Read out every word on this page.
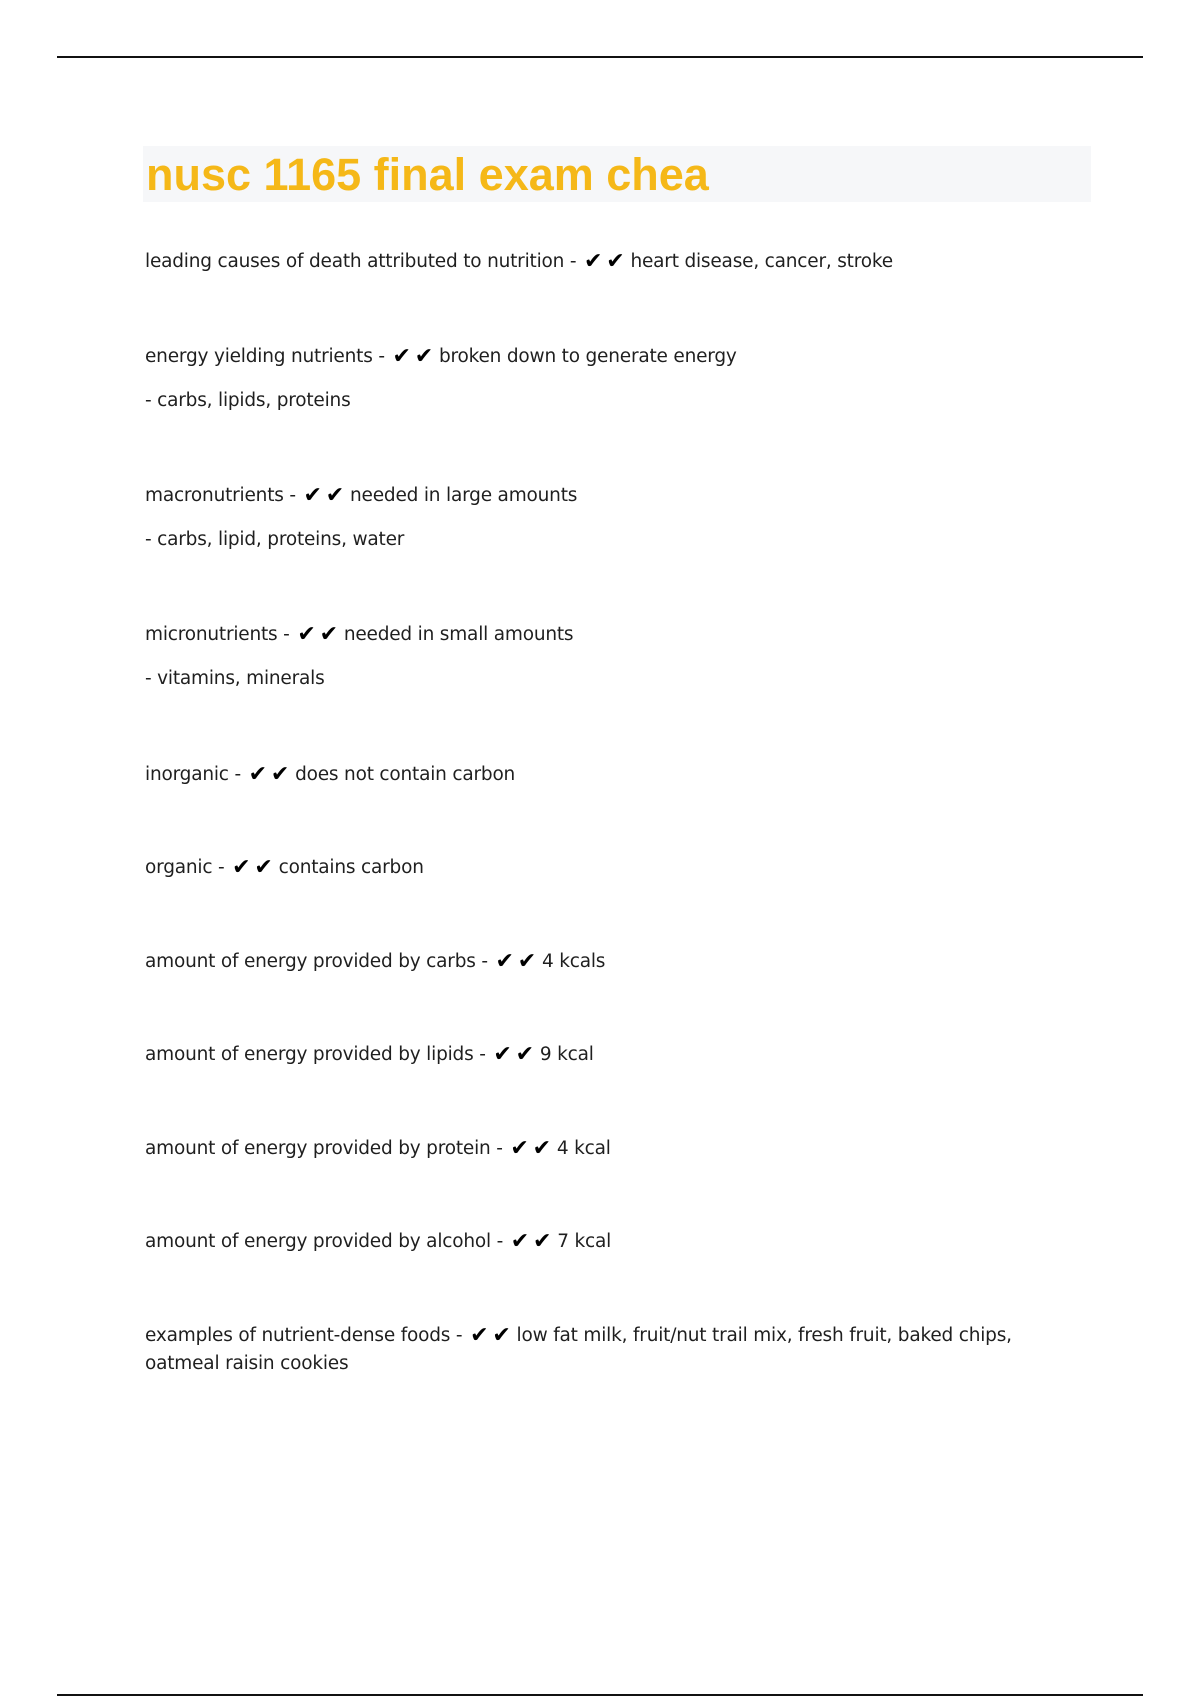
nusc 1165 final exam chea

leading causes of death attributed to nutrition - ✔ ✔ heart disease, cancer, stroke

energy yielding nutrients - ✔ ✔ broken down to generate energy

- carbs, lipids, proteins

macronutrients - ✔ ✔ needed in large amounts

- carbs, lipid, proteins, water

micronutrients - ✔ ✔ needed in small amounts

- vitamins, minerals

inorganic - ✔ ✔ does not contain carbon

organic - ✔ ✔ contains carbon

amount of energy provided by carbs - ✔ ✔ 4 kcals

amount of energy provided by lipids - ✔ ✔ 9 kcal

amount of energy provided by protein - ✔ ✔ 4 kcal

amount of energy provided by alcohol - ✔ ✔ 7 kcal

examples of nutrient-dense foods - ✔ ✔ low fat milk, fruit/nut trail mix, fresh fruit, baked chips, oatmeal raisin cookies
